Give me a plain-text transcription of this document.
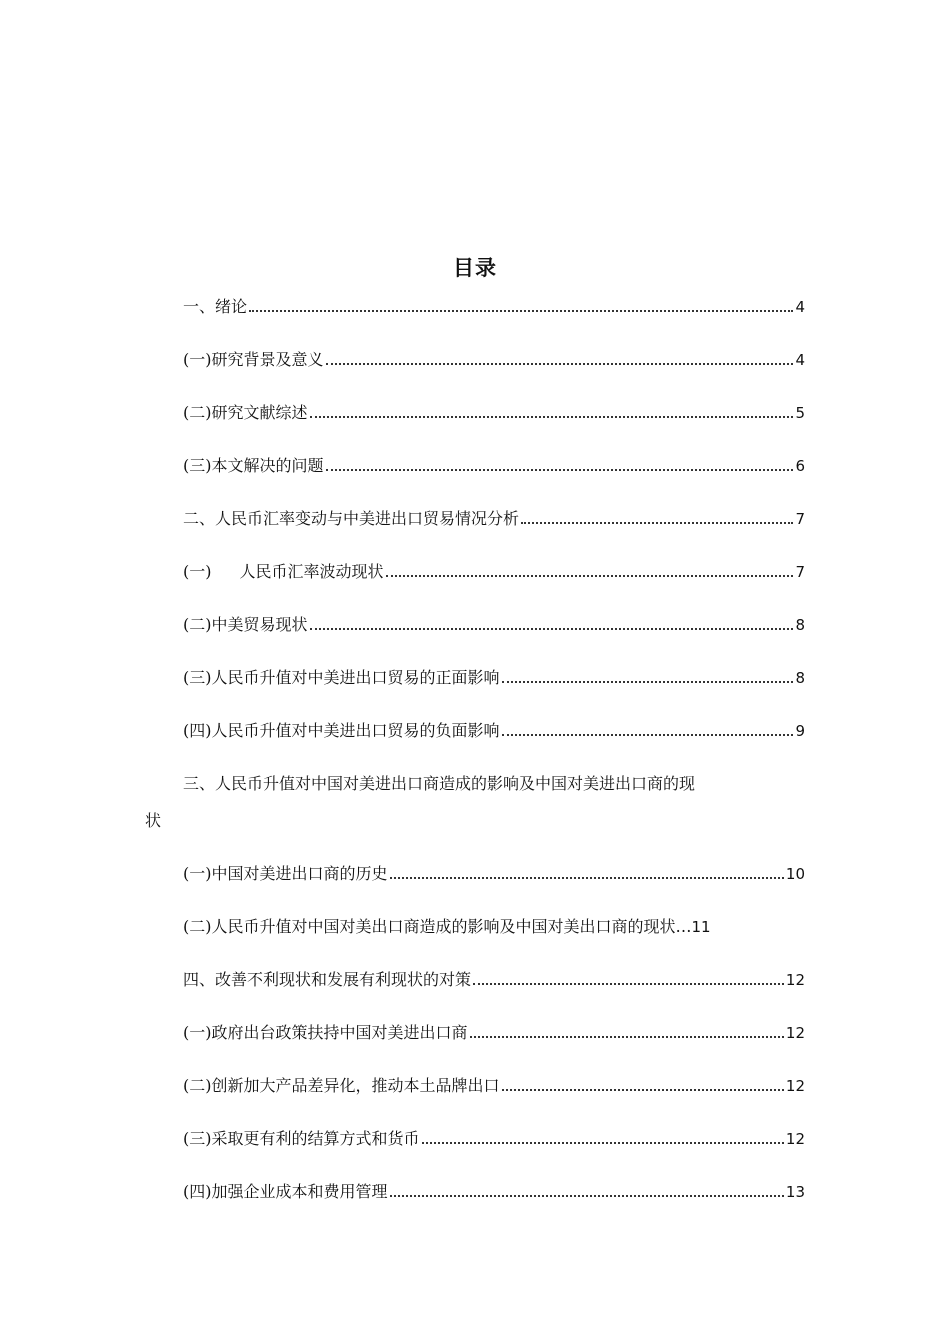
目录
一、绪论	4
(一)研究背景及意义	4
(二)研究文献综述	5
(三)本文解决的问题	6
二、人民币汇率变动与中美进出口贸易情况分析	7
(一) 人民币汇率波动现状	7
(二)中美贸易现状	8
(三)人民币升值对中美进出口贸易的正面影响	8
(四)人民币升值对中美进出口贸易的负面影响	9
三、人民币升值对中国对美进出口商造成的影响及中国对美进出口商的现
状
(一)中国对美进出口商的历史	10
(二)人民币升值对中国对美出口商造成的影响及中国对美出口商的现状… 11
四、改善不利现状和发展有利现状的对策	12
(一)政府出台政策扶持中国对美进出口商	12
(二)创新加大产品差异化，推动本土品牌出口	12
(三)采取更有利的结算方式和货币	12
(四)加强企业成本和费用管理	13
